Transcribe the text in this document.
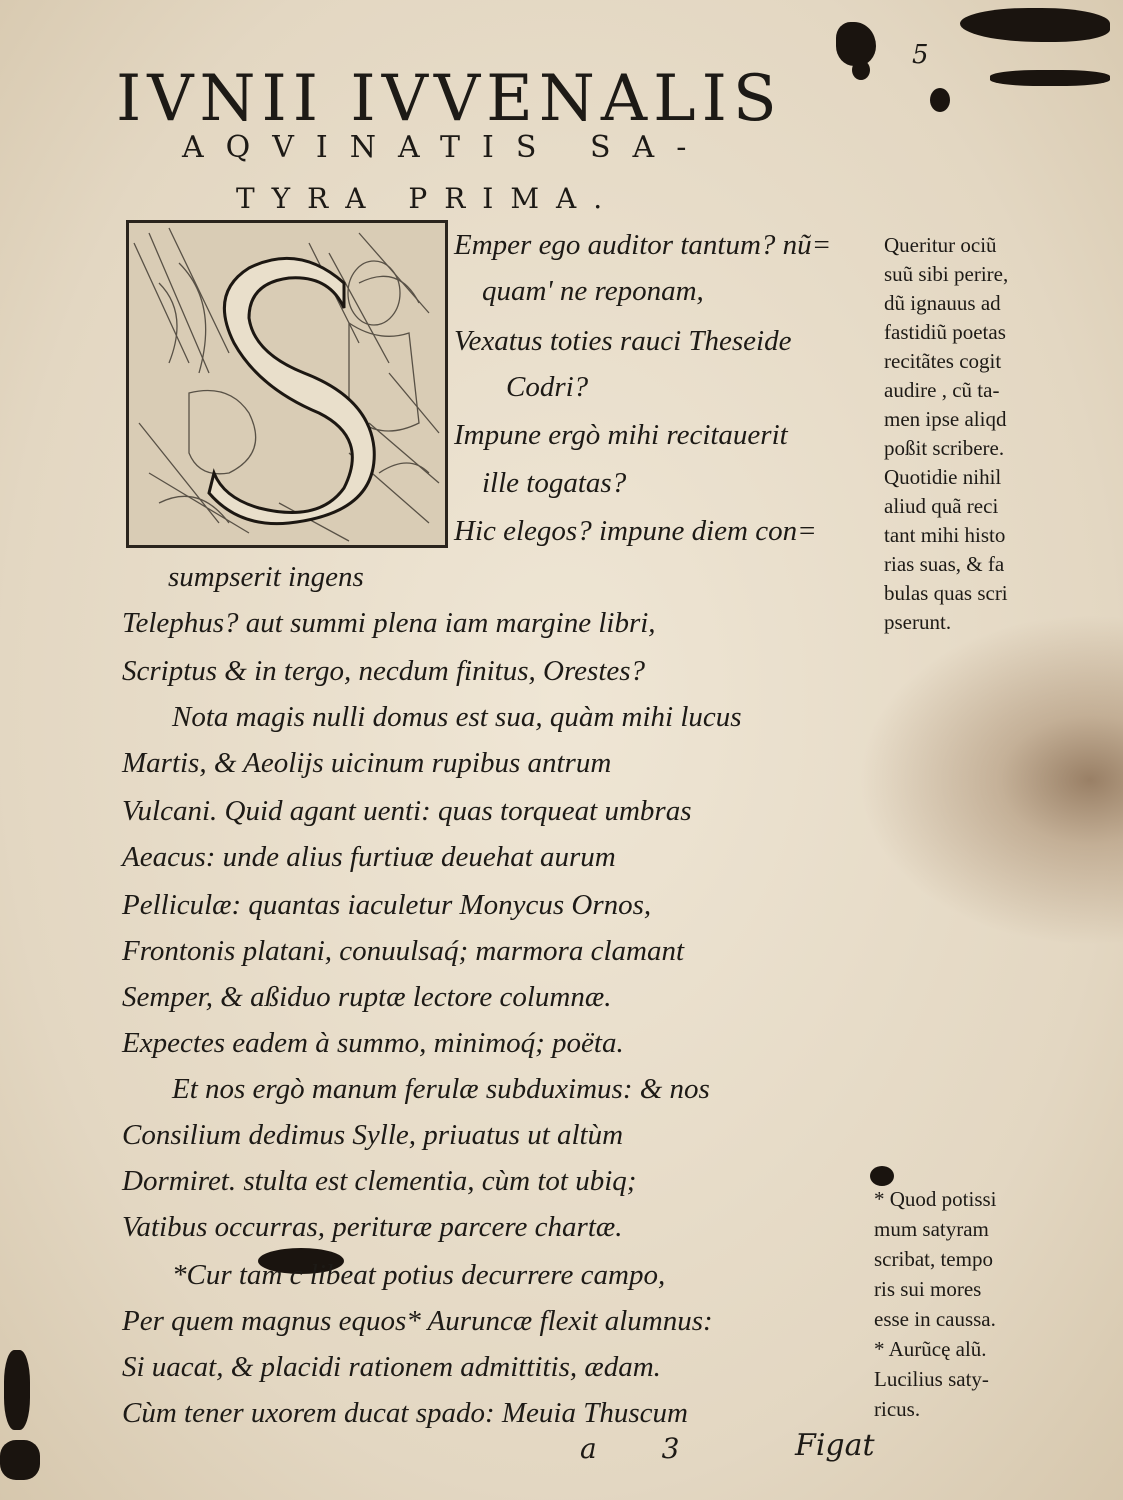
5
IVNII IVVENALIS
AQVINATIS SA-
TYRA PRIMA.
Emper ego auditor tantum? nũ=
quam' ne reponam,
Vexatus toties rauci Theseide
Codri?
Impune ergò mihi recitauerit
ille togatas?
Hic elegos? impune diem con=
sumpserit ingens
Telephus? aut summi plena iam margine libri,
Scriptus & in tergo, necdum finitus, Orestes?
Nota magis nulli domus est sua, quàm mihi lucus
Martis, & Aeolijs uicinum rupibus antrum
Vulcani. Quid agant uenti: quas torqueat umbras
Aeacus: unde alius furtiuæ deuehat aurum
Pelliculæ: quantas iaculetur Monycus Ornos,
Frontonis platani, conuulsaq́; marmora clamant
Semper, & aßiduo ruptæ lectore columnæ.
Expectes eadem à summo, minimoq́; poëta.
Et nos ergò manum ferulæ subduximus: & nos
Consilium dedimus Sylle, priuatus ut altùm
Dormiret. stulta est clementia, cùm tot ubiq;
Vatibus occurras, perituræ parcere chartæ.
*Cur tam c libeat potius decurrere campo,
Per quem magnus equos* Auruncæ flexit alumnus:
Si uacat, & placidi rationem admittitis, ædam.
Cùm tener uxorem ducat spado: Meuia Thuscum
Queritur ociũ
suũ sibi perire,
dũ ignauus ad
fastidiũ poetas
recitãtes cogit
audire , cũ ta-
men ipse aliqd
poßit scribere.
Quotidie nihil
aliud quã reci
tant mihi histo
rias suas, & fa
bulas quas scri
pserunt.
* Quod potissi
mum satyram
scribat, tempo
ris sui mores
esse in caussa.
* Aurũcę alũ.
Lucilius saty-
ricus.
a 3	Figat
